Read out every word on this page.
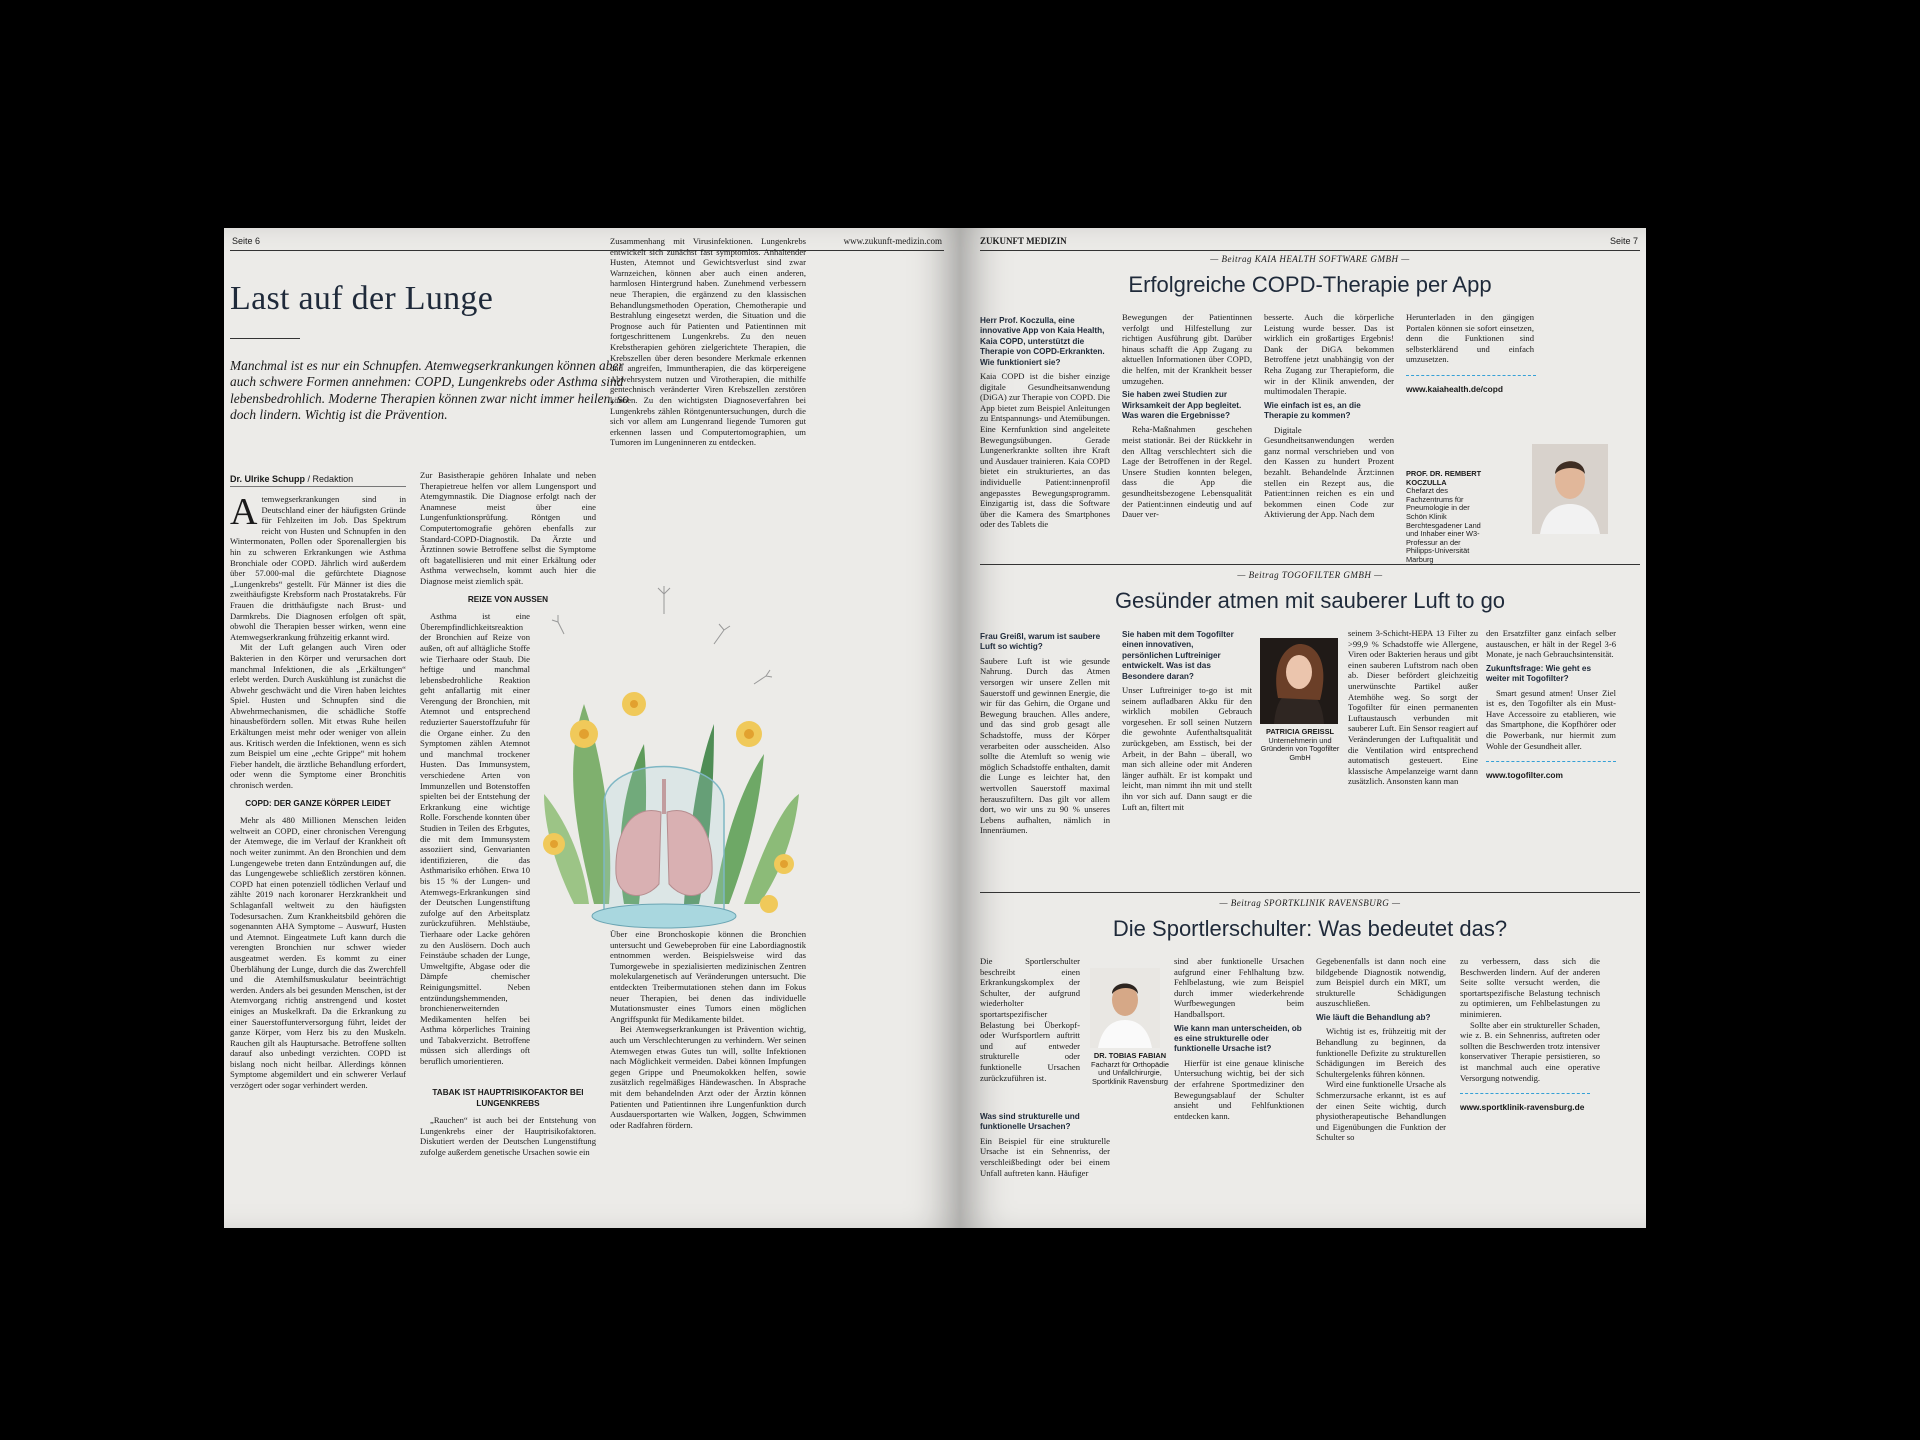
Seite 6	www.zukunft-medizin.com
Last auf der Lunge
Manchmal ist es nur ein Schnupfen. Atemwegserkrankungen können aber auch schwere Formen annehmen: COPD, Lungenkrebs oder Asthma sind lebensbedrohlich. Moderne Therapien können zwar nicht immer heilen, so doch lindern. Wichtig ist die Prävention.
Dr. Ulrike Schupp / Redaktion

Atemwegserkrankungen sind in Deutschland einer der häufigsten Gründe für Fehlzeiten im Job. Das Spektrum reicht von Husten und Schnupfen in den Wintermonaten, Pollen oder Sporenallergien bis hin zu schweren Erkrankungen wie Asthma Bronchiale oder COPD. Jährlich wird außerdem über 57.000-mal die gefürchtete Diagnose „Lungenkrebs“ gestellt. Für Männer ist dies die zweithäufigste Krebsform nach Prostatakrebs. Für Frauen die dritthäufigste nach Brust- und Darmkrebs. Die Diagnosen erfolgen oft spät, obwohl die Therapien besser wirken, wenn eine Atemwegserkrankung frühzeitig erkannt wird.

Mit der Luft gelangen auch Viren oder Bakterien in den Körper und verursachen dort manchmal Infektionen, die als „Erkältungen“ erlebt werden. Durch Auskühlung ist zunächst die Abwehr geschwächt und die Viren haben leichtes Spiel. Husten und Schnupfen sind die Abwehrmechanismen, die schädliche Stoffe hinausbefördern sollen. Mit etwas Ruhe heilen Erkältungen meist mehr oder weniger von allein aus. Kritisch werden die Infektionen, wenn es sich zum Beispiel um eine „echte Grippe“ mit hohem Fieber handelt, die ärztliche Behandlung erfordert, oder wenn die Symptome einer Bronchitis chronisch werden.

COPD: DER GANZE KÖRPER LEIDET

Mehr als 480 Millionen Menschen leiden weltweit an COPD, einer chronischen Verengung der Atemwege, die im Verlauf der Krankheit oft noch weiter zunimmt. An den Bronchien und dem Lungengewebe treten dann Entzündungen auf, die das Lungengewebe schließlich zerstören können. COPD hat einen potenziell tödlichen Verlauf und zählte 2019 nach koronarer Herzkrankheit und Schlaganfall weltweit zu den häufigsten Todesursachen. Zum Krankheitsbild gehören die sogenannten AHA Symptome – Auswurf, Husten und Atemnot. Eingeatmete Luft kann durch die verengten Bronchien nur schwer wieder ausgeatmet werden. Es kommt zu einer Überblähung der Lunge, durch die das Zwerchfell und die Atemhilfsmuskulatur beeinträchtigt werden. Anders als bei gesunden Menschen, ist der Atemvorgang richtig anstrengend und kostet einiges an Muskelkraft. Da die Erkrankung zu einer Sauerstoffunterversorgung führt, leidet der ganze Körper, vom Herz bis zu den Muskeln. Rauchen gilt als Hauptursache. Betroffene sollten darauf also unbedingt verzichten. COPD ist bislang noch nicht heilbar. Allerdings können Symptome abgemildert und ein schwerer Verlauf verzögert oder sogar verhindert werden.

Zur Basistherapie gehören Inhalate und neben Therapietreue helfen vor allem Lungensport und Atemgymnastik. Die Diagnose erfolgt nach der Anamnese meist über eine Lungenfunktionsprüfung. Röntgen und Computertomografie gehören ebenfalls zur Standard-COPD-Diagnostik. Da Ärzte und Ärztinnen sowie Betroffene selbst die Symptome oft bagatellisieren und mit einer Erkältung oder Asthma verwechseln, kommt auch hier die Diagnose meist ziemlich spät.

REIZE VON AUSSEN

Asthma ist eine Überempfindlichkeitsreaktion der Bronchien auf Reize von außen, oft auf alltägliche Stoffe wie Tierhaare oder Staub. Die heftige und manchmal lebensbedrohliche Reaktion geht anfallartig mit einer Verengung der Bronchien, mit Atemnot und entsprechend reduzierter Sauerstoffzufuhr für die Organe einher. Zu den Symptomen zählen Atemnot und manchmal trockener Husten. Das Immunsystem, verschiedene Arten von Immunzellen und Botenstoffen spielten bei der Entstehung der Erkrankung eine wichtige Rolle. Forschende konnten über Studien in Teilen des Erbgutes, die mit dem Immunsystem assoziiert sind, Genvarianten identifizieren, die das Asthmarisiko erhöhen. Etwa 10 bis 15 % der Lungen- und Atemwegs-Erkrankungen sind der Deutschen Lungenstiftung zufolge auf den Arbeitsplatz zurückzuführen. Mehlstäube, Tierhaare oder Lacke gehören zu den Auslösern. Doch auch Feinstäube schaden der Lunge, Umweltgifte, Abgase oder die Dämpfe chemischer Reinigungsmittel. Neben entzündungshemmenden, bronchienerweiternden Medikamenten helfen bei Asthma körperliches Training und Tabakverzicht. Betroffene müssen sich allerdings oft beruflich umorientieren.

Zusammenhang mit Virusinfektionen. Lungenkrebs entwickelt sich zunächst fast symptomlos. Anhaltender Husten, Atemnot und Gewichtsverlust sind zwar Warnzeichen, können aber auch einen anderen, harmlosen Hintergrund haben. Zunehmend verbessern neue Therapien, die ergänzend zu den klassischen Behandlungsmethoden Operation, Chemotherapie und Bestrahlung eingesetzt werden, die Situation und die Prognose auch für Patienten und Patientinnen mit fortgeschrittenem Lungenkrebs. Zu den neuen Krebstherapien gehören zielgerichtete Therapien, die Krebszellen über deren besondere Merkmale erkennen und angreifen, Immuntherapien, die das körpereigene Abwehrsystem nutzen und Virotherapien, die mithilfe gentechnisch veränderter Viren Krebszellen zerstören können. Zu den wichtigsten Diagnoseverfahren bei Lungenkrebs zählen Röntgenuntersuchungen, durch die sich vor allem am Lungenrand liegende Tumoren gut erkennen lassen und Computertomographien, um Tumoren im Lungeninneren zu entdecken.

Über eine Bronchoskopie können die Bronchien untersucht und Gewebeproben für eine Labordiagnostik entnommen werden. Beispielsweise wird das Tumorgewebe in spezialisierten medizinischen Zentren molekulargenetisch auf Veränderungen untersucht. Die entdeckten Treibermutationen stehen dann im Fokus neuer Therapien, bei denen das individuelle Mutationsmuster eines Tumors einen möglichen Angriffspunkt für Medikamente bildet.

Bei Atemwegserkrankungen ist Prävention wichtig, auch um Verschlechterungen zu verhindern. Wer seinen Atemwegen etwas Gutes tun will, sollte Infektionen nach Möglichkeit vermeiden. Dabei können Impfungen gegen Grippe und Pneumokokken helfen, sowie zusätzlich regelmäßiges Händewaschen. In Absprache mit dem behandelnden Arzt oder der Ärztin können Patienten und Patientinnen ihre Lungenfunktion durch Ausdauersportarten wie Walken, Joggen, Schwimmen oder Radfahren fördern.

TABAK IST HAUPTRISIKOFAKTOR BEI LUNGENKREBS

„Rauchen“ ist auch bei der Entstehung von Lungenkrebs einer der Hauptrisikofaktoren. Diskutiert werden der Deutschen Lungenstiftung zufolge außerdem genetische Ursachen sowie ein

ZUKUNFT MEDIZIN	Seite 7
— Beitrag KAIA HEALTH SOFTWARE GMBH —
Erfolgreiche COPD-Therapie per App
Herr Prof. Koczulla, eine innovative App von Kaia Health, Kaia COPD, unterstützt die Therapie von COPD-Erkrankten. Wie funktioniert sie?

Kaia COPD ist die bisher einzige digitale Gesundheitsanwendung (DiGA) zur Therapie von COPD. Die App bietet zum Beispiel Anleitungen zu Entspannungs- und Atemübungen. Eine Kernfunktion sind angeleitete Bewegungsübungen. Gerade Lungenerkrankte sollten ihre Kraft und Ausdauer trainieren. Kaia COPD bietet ein strukturiertes, an das individuelle Patient:innenprofil angepasstes Bewegungsprogramm. Einzigartig ist, dass die Software über die Kamera des Smartphones oder des Tablets die

Bewegungen der Patientinnen verfolgt und Hilfestellung zur richtigen Ausführung gibt. Darüber hinaus schafft die App Zugang zu aktuellen Informationen über COPD, die helfen, mit der Krankheit besser umzugehen.

Sie haben zwei Studien zur Wirksamkeit der App begleitet. Was waren die Ergebnisse?

Reha-Maßnahmen geschehen meist stationär. Bei der Rückkehr in den Alltag verschlechtert sich die Lage der Betroffenen in der Regel. Unsere Studien konnten belegen, dass die App die gesundheitsbezogene Lebensqualität der Patient:innen eindeutig und auf Dauer ver-

besserte. Auch die körperliche Leistung wurde besser. Das ist wirklich ein großartiges Ergebnis! Dank der DiGA bekommen Betroffene jetzt unabhängig von der Reha Zugang zur Therapieform, die wir in der Klinik anwenden, der multimodalen Therapie.

Wie einfach ist es, an die Therapie zu kommen?

Digitale Gesundheitsanwendungen werden ganz normal verschrieben und von den Kassen zu hundert Prozent bezahlt. Behandelnde Ärzt:innen stellen ein Rezept aus, die Patient:innen reichen es ein und bekommen einen Code zur Aktivierung der App. Nach dem

Herunterladen in den gängigen Portalen können sie sofort einsetzen, denn die Funktionen sind selbsterklärend und einfach umzusetzen.

www.kaiahealth.de/copd
PROF. DR. REMBERT KOCZULLA
Chefarzt des Fachzentrums für Pneumologie in der Schön Klinik Berchtesgadener Land und Inhaber einer W3-Professur an der Philipps-Universität Marburg
— Beitrag TOGOFILTER GMBH —
Gesünder atmen mit sauberer Luft to go
Frau Greißl, warum ist saubere Luft so wichtig?

Saubere Luft ist wie gesunde Nahrung. Durch das Atmen versorgen wir unsere Zellen mit Sauerstoff und gewinnen Energie, die wir für das Gehirn, die Organe und Bewegung brauchen. Alles andere, und das sind grob gesagt alle Schadstoffe, muss der Körper verarbeiten oder ausscheiden. Also sollte die Atemluft so wenig wie möglich Schadstoffe enthalten, damit die Lunge es leichter hat, den wertvollen Sauerstoff maximal herauszufiltern. Das gilt vor allem dort, wo wir uns zu 90 % unseres Lebens aufhalten, nämlich in Innenräumen.

Sie haben mit dem Togofilter einen innovativen, persönlichen Luftreiniger entwickelt. Was ist das Besondere daran?

Unser Luftreiniger to-go ist mit seinem aufladbaren Akku für den wirklich mobilen Gebrauch vorgesehen. Er soll seinen Nutzern die gewohnte Aufenthaltsqualität zurückgeben, am Esstisch, bei der Arbeit, in der Bahn – überall, wo man sich alleine oder mit Anderen länger aufhält. Er ist kompakt und leicht, man nimmt ihn mit und stellt ihn vor sich auf. Dann saugt er die Luft an, filtert mit

PATRICIA GREISSL
Unternehmerin und Gründerin von Togofilter GmbH

seinem 3-Schicht-HEPA 13 Filter zu >99,9 % Schadstoffe wie Allergene, Viren oder Bakterien heraus und gibt einen sauberen Luftstrom nach oben ab. Dieser befördert gleichzeitig unerwünschte Partikel außer Atemhöhe weg. So sorgt der Togofilter für einen permanenten Luftaustausch verbunden mit sauberer Luft. Ein Sensor reagiert auf Veränderungen der Luftqualität und die Ventilation wird entsprechend automatisch gesteuert. Eine klassische Ampelanzeige warnt dann zusätzlich. Ansonsten kann man

den Ersatzfilter ganz einfach selber austauschen, er hält in der Regel 3-6 Monate, je nach Gebrauchsintensität.

Zukunftsfrage: Wie geht es weiter mit Togofilter?

Smart gesund atmen! Unser Ziel ist es, den Togofilter als ein Must-Have Accessoire zu etablieren, wie das Smartphone, die Kopfhörer oder die Powerbank, nur hiermit zum Wohle der Gesundheit aller.

www.togofilter.com
— Beitrag SPORTKLINIK RAVENSBURG —
Die Sportlerschulter: Was bedeutet das?

Die Sportlerschulter beschreibt einen Erkrankungskomplex der Schulter, der aufgrund wiederholter sportartspezifischer Belastung bei Überkopf- oder Wurfsportlern auftritt und auf entweder strukturelle oder funktionelle Ursachen zurückzuführen ist.

DR. TOBIAS FABIAN
Facharzt für Orthopädie und Unfallchirurgie, Sportklinik Ravensburg
Was sind strukturelle und funktionelle Ursachen?

Ein Beispiel für eine strukturelle Ursache ist ein Sehnenriss, der verschleißbedingt oder bei einem Unfall auftreten kann. Häufiger

sind aber funktionelle Ursachen aufgrund einer Fehlhaltung bzw. Fehlbelastung, wie zum Beispiel durch immer wiederkehrende Wurfbewegungen beim Handballsport.

Wie kann man unterscheiden, ob es eine strukturelle oder funktionelle Ursache ist?

Hierfür ist eine genaue klinische Untersuchung wichtig, bei der sich der erfahrene Sportmediziner den Bewegungsablauf der Schulter ansieht und Fehlfunktionen entdecken kann.

Gegebenenfalls ist dann noch eine bildgebende Diagnostik notwendig, zum Beispiel durch ein MRT, um strukturelle Schädigungen auszuschließen.

Wie läuft die Behandlung ab?

Wichtig ist es, frühzeitig mit der Behandlung zu beginnen, da funktionelle Defizite zu strukturellen Schädigungen im Bereich des Schultergelenks führen können.

Wird eine funktionelle Ursache als Schmerzursache erkannt, ist es auf der einen Seite wichtig, durch physiotherapeutische Behandlungen und Eigenübungen die Funktion der Schulter so

zu verbessern, dass sich die Beschwerden lindern. Auf der anderen Seite sollte versucht werden, die sportartspezifische Belastung technisch zu optimieren, um Fehlbelastungen zu minimieren.

Sollte aber ein struktureller Schaden, wie z. B. ein Sehnenriss, auftreten oder sollten die Beschwerden trotz intensiver konservativer Therapie persistieren, so ist manchmal auch eine operative Versorgung notwendig.

www.sportklinik-ravensburg.de
